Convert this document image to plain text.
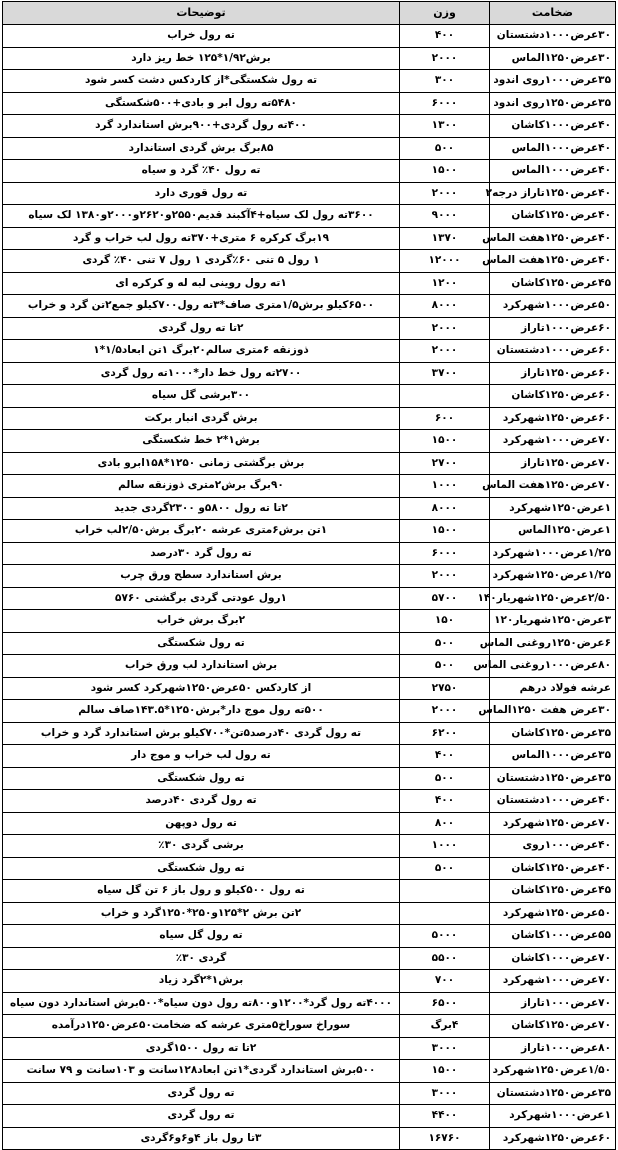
ضخامت	وزن	توضیحات
۳۰عرض۱۰۰۰دشتستان	۴۰۰	ته رول خراب
۳۰عرض۱۲۵۰الماس	۲۰۰۰	برش۱/۹۲*۱۲۵ خط ریز دارد
۳۵عرض۱۰۰۰روی اندود	۳۰۰	ته رول شکستگی*از کاردکس دشت کسر شود
۳۵عرض۱۲۵۰روی اندود	۶۰۰۰	۵۴۸۰ته رول ابر و بادی+۵۰۰شکستگی
۴۰عرض۱۰۰۰کاشان	۱۳۰۰	۴۰۰ته رول گردی+۹۰۰برش استاندارد گرد
۴۰عرض۱۰۰۰الماس	۵۰۰	۸۵برگ برش گردی استاندارد
۴۰عرض۱۰۰۰الماس	۱۵۰۰	ته رول ۴۰٪ گرد و سیاه
۴۰عرض۱۲۵۰تاراز درجه۲	۲۰۰۰	ته رول قوری دارد
۴۰عرض۱۲۵۰کاشان	۹۰۰۰	۳۶۰۰ته رول لک سیاه+۴آکبند قدیم۲۵۵۰و۲۶۲۰و۲۰۰۰و۱۳۸۰ لک سیاه
۴۰عرض۱۲۵۰هفت الماس	۱۳۷۰	۱۹برگ کرکره ۶ متری+۳۷۰ته رول لب خراب و گرد
۴۰عرض۱۲۵۰هفت الماس	۱۲۰۰۰	۱ رول ۵ تنی ۶۰٪گردی ۱ رول ۷ تنی ۴۰٪ گردی
۴۵عرض۱۲۵۰کاشان	۱۲۰۰	۱ته رول روینی لبه له و کرکره ای
۵۰عرض۱۰۰۰شهرکرد	۸۰۰۰	۶۵۰۰کیلو برش۱/۵متری صاف*۳ته رول۷۰۰کیلو جمع۲تن گرد و خراب
۶۰عرض۱۰۰۰تاراز	۲۰۰۰	۲تا ته رول گردی
۶۰عرض۱۰۰۰دشتستان	۲۰۰۰	ذوزنقه ۶متری سالم۲۰برگ ۱تن ابعاد۱/۵*۱
۶۰عرض۱۲۵۰تاراز	۳۷۰۰	۲۷۰۰ته رول خط دار*۱۰۰۰ته رول گردی
۶۰عرض۱۲۵۰کاشان		۳۰۰برشی گل سیاه
۶۰عرض۱۲۵۰شهرکرد	۶۰۰	برش گردی انبار برکت
۷۰عرض۱۰۰۰شهرکرد	۱۵۰۰	برش۱*۲ خط شکستگی
۷۰عرض۱۲۵۰تاراز	۲۷۰۰	برش برگشتی زمانی ۱۲۵۰*۱۵۸ابرو بادی
۷۰عرض۱۲۵۰هفت الماس	۱۰۰۰	۹۰برگ برش۲متری ذوزنقه سالم
۱عرض۱۲۵۰شهرکرد	۸۰۰۰	۲تا ته رول ۵۸۰۰و ۲۳۰۰گردی جدید
۱عرض۱۲۵۰الماس	۱۵۰۰	۱تن برش۶متری عرشه ۲۰برگ برش۲/۵۰لب خراب
۱/۲۵عرض۱۰۰۰شهرکرد	۶۰۰۰	ته رول گرد ۳۰درصد
۱/۲۵عرض۱۲۵۰شهرکرد	۲۰۰۰	برش استاندارد سطح ورق چرب
۲/۵۰عرض۱۲۵۰شهریار۱۴۰	۵۷۰۰	۱رول عودتی گردی برگشتی ۵۷۶۰
۳عرض۱۲۵۰شهریار۱۲۰	۱۵۰	۲برگ برش خراب
۶عرض۱۲۵۰روغنی الماس	۵۰۰	ته رول شکستگی
۸۰عرض۱۰۰۰روغنی الماس	۵۰۰	برش استاندارد لب ورق خراب
عرشه فولاد درهم	۲۷۵۰	از کاردکس ۵۰عرض۱۲۵۰شهرکرد کسر شود
۳۰عرض هفت ۱۲۵۰الماس	۲۰۰۰	۵۰۰ته رول موج دار*برش۱۲۵۰*۱۴۳.۵صاف سالم
۳۵عرض۱۲۵۰کاشان	۶۲۰۰	ته رول گردی ۴۰درصد۵تن*۷۰۰کیلو برش استاندارد گرد و خراب
۳۵عرض۱۰۰۰الماس	۴۰۰	ته رول لب خراب و موج دار
۳۵عرض۱۲۵۰دشتستان	۵۰۰	ته رول شکستگی
۴۰عرض۱۰۰۰دشتستان	۴۰۰	ته رول گردی ۴۰درصد
۷۰عرض۱۲۵۰شهرکرد	۸۰۰	ته رول دوپهن
۴۰عرض۱۰۰۰روی	۱۰۰۰	برشی گردی ۳۰٪
۴۰عرض۱۲۵۰کاشان	۵۰۰	ته رول شکستگی
۴۵عرض۱۲۵۰کاشان		ته رول ۵۰۰کیلو و رول باز ۶ تن گل سیاه
۵۰عرض۱۲۵۰شهرکرد		۲تن برش ۲*۱۲۵و۲۵۰*۱۲۵۰گرد و خراب
۵۵عرض۱۰۰۰کاشان	۵۰۰۰	ته رول گل سیاه
۷۰عرض۱۰۰۰کاشان	۵۵۰۰	گردی ۳۰٪
۷۰عرض۱۰۰۰شهرکرد	۷۰۰	برش۱*۲گرد زیاد
۷۰عرض۱۰۰۰تاراز	۶۵۰۰	۴۰۰۰ته رول گرد*۱۲۰۰و۸۰۰ته رول دون سیاه*۵۰۰برش استاندارد دون سیاه
۷۰عرض۱۲۵۰کاشان	۴برگ	سوراخ سوراخ۵متری عرشه که ضخامت۵۰عرض۱۲۵۰درآمده
۸۰عرض۱۰۰۰تاراز	۳۰۰۰	۲تا ته رول ۱۵۰۰گردی
۱/۵۰عرض۱۲۵۰شهرکرد	۱۵۰۰	۵۰۰برش استاندارد گردی*۱تن ابعاد۱۲۸سانت و ۱۰۳سانت و ۷۹ سانت
۳۵عرض۱۲۵۰دشتستان	۳۰۰۰	ته رول گردی
۱عرض۱۰۰۰شهرکرد	۴۴۰۰	ته رول گردی
۶۰عرض۱۲۵۰شهرکرد	۱۶۷۶۰	۳تا رول باز ۴و۶و۶گردی
